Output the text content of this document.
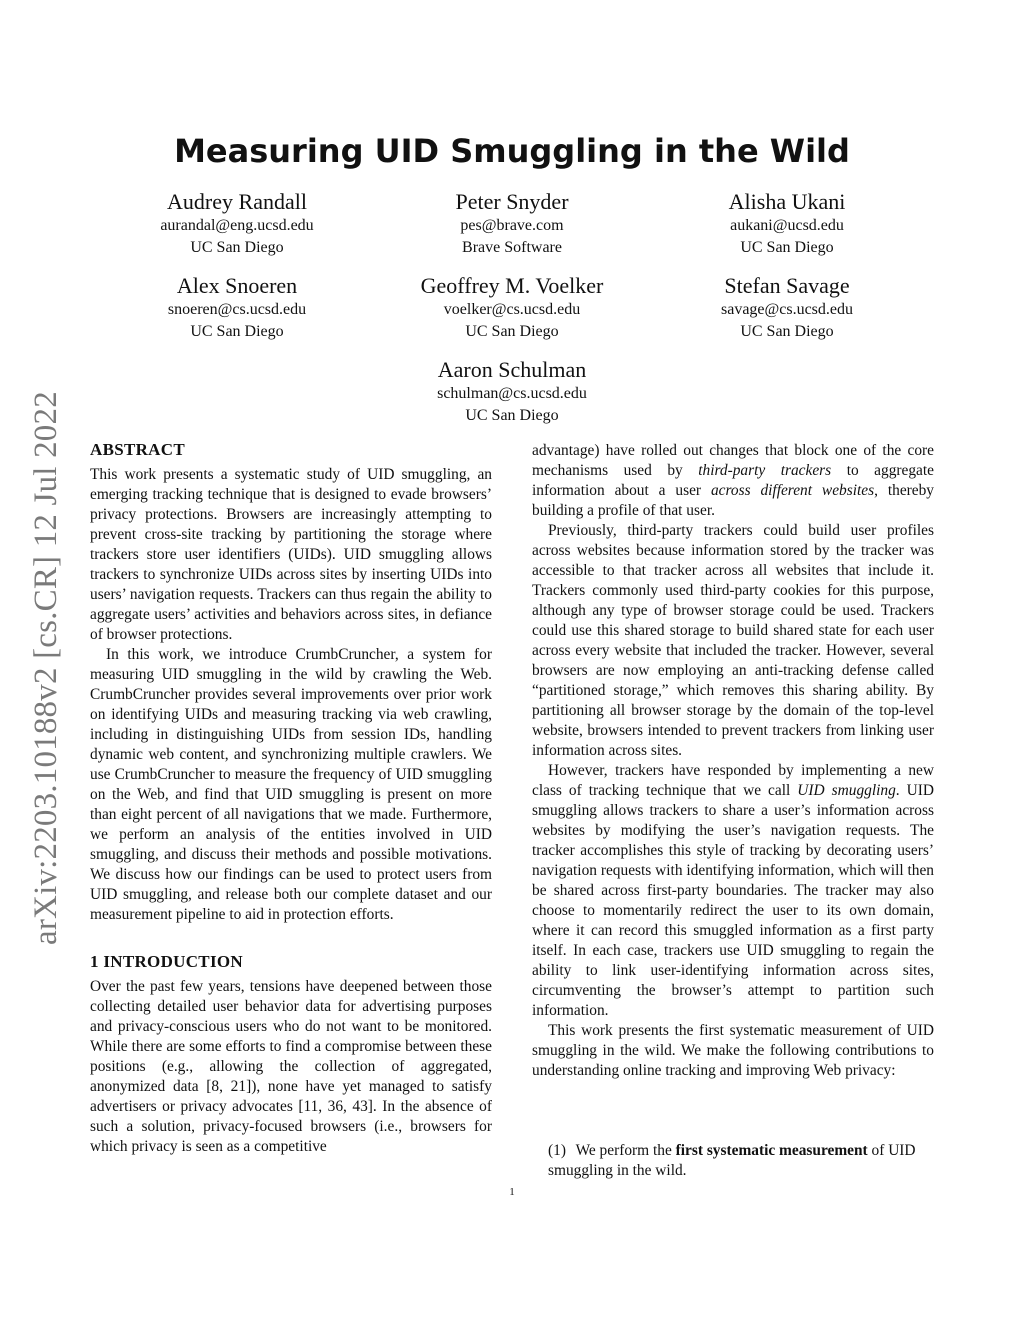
arXiv:2203.10188v2 [cs.CR] 12 Jul 2022
Measuring UID Smuggling in the Wild
Audrey Randall
aurandal@eng.ucsd.edu
UC San Diego
Peter Snyder
pes@brave.com
Brave Software
Alisha Ukani
aukani@ucsd.edu
UC San Diego
Alex Snoeren
snoeren@cs.ucsd.edu
UC San Diego
Geoffrey M. Voelker
voelker@cs.ucsd.edu
UC San Diego
Stefan Savage
savage@cs.ucsd.edu
UC San Diego
Aaron Schulman
schulman@cs.ucsd.edu
UC San Diego
ABSTRACT

This work presents a systematic study of UID smuggling, an emerging tracking technique that is designed to evade browsers’ privacy protections. Browsers are increasingly attempting to prevent cross-site tracking by partitioning the storage where trackers store user identifiers (UIDs). UID smuggling allows trackers to synchronize UIDs across sites by inserting UIDs into users’ navigation requests. Trackers can thus regain the ability to aggregate users’ activities and behaviors across sites, in defiance of browser protections.

In this work, we introduce CrumbCruncher, a system for measuring UID smuggling in the wild by crawling the Web. CrumbCruncher provides several improvements over prior work on identifying UIDs and measuring tracking via web crawling, including in distinguishing UIDs from session IDs, handling dynamic web content, and synchronizing multiple crawlers. We use CrumbCruncher to measure the frequency of UID smuggling on the Web, and find that UID smuggling is present on more than eight percent of all navigations that we made. Furthermore, we perform an analysis of the entities involved in UID smuggling, and discuss their methods and possible motivations. We discuss how our findings can be used to protect users from UID smuggling, and release both our complete dataset and our measurement pipeline to aid in protection efforts.

1 INTRODUCTION

Over the past few years, tensions have deepened between those collecting detailed user behavior data for advertising purposes and privacy-conscious users who do not want to be monitored. While there are some efforts to find a compromise between these positions (e.g., allowing the collection of aggregated, anonymized data [8, 21]), none have yet managed to satisfy advertisers or privacy advocates [11, 36, 43]. In the absence of such a solution, privacy-focused browsers (i.e., browsers for which privacy is seen as a competitive

advantage) have rolled out changes that block one of the core mechanisms used by third-party trackers to aggregate information about a user across different websites, thereby building a profile of that user.

Previously, third-party trackers could build user profiles across websites because information stored by the tracker was accessible to that tracker across all websites that include it. Trackers commonly used third-party cookies for this purpose, although any type of browser storage could be used. Trackers could use this shared storage to build shared state for each user across every website that included the tracker. However, several browsers are now employing an anti-tracking defense called “partitioned storage,” which removes this sharing ability. By partitioning all browser storage by the domain of the top-level website, browsers intended to prevent trackers from linking user information across sites.

However, trackers have responded by implementing a new class of tracking technique that we call UID smuggling. UID smuggling allows trackers to share a user’s information across websites by modifying the user’s navigation requests. The tracker accomplishes this style of tracking by decorating users’ navigation requests with identifying information, which will then be shared across first-party boundaries. The tracker may also choose to momentarily redirect the user to its own domain, where it can record this smuggled information as a first party itself. In each case, trackers use UID smuggling to regain the ability to link user-identifying information across sites, circumventing the browser’s attempt to partition such information.

This work presents the first systematic measurement of UID smuggling in the wild. We make the following contributions to understanding online tracking and improving Web privacy:

(1) We perform the first systematic measurement of UID smuggling in the wild.
1
